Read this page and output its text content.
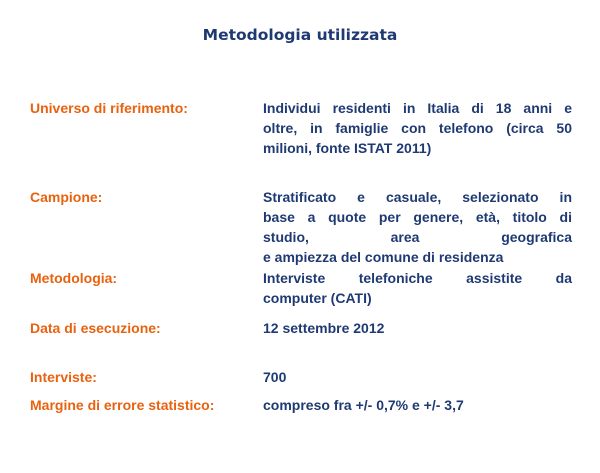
Metodologia utilizzata
Universo di riferimento:	Individui residenti in Italia di 18 anni e
oltre, in famiglie con telefono (circa 50
milioni, fonte ISTAT 2011)
Campione:	Stratificato e casuale, selezionato in
base a quote per genere, età, titolo di
studio, area geografica
e ampiezza del comune di residenza
Metodologia:	Interviste telefoniche assistite da
computer (CATI)
Data di esecuzione:	12 settembre 2012
Interviste:	700
Margine di errore statistico:	compreso fra +/- 0,7% e +/- 3,7
